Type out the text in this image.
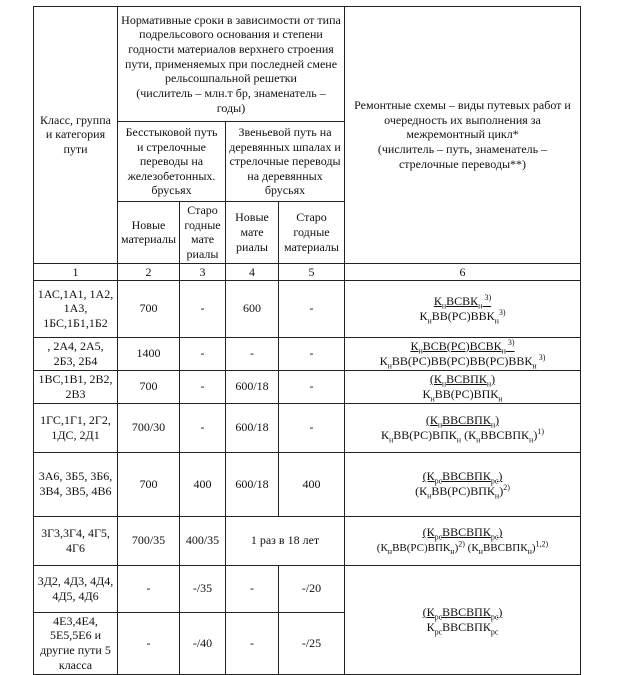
Класс, группа и категория пути	Нормативные сроки в зависимости от типа подрельсового основания и степени годности материалов верхнего строения пути, применяемых при последней смене рельсошпальной решетки
(числитель – млн.т бр, знаменатель – годы)				Ремонтные схемы – виды путевых работ и очередность их выполнения за межремонтный цикл*
(числитель – путь, знаменатель – стрелочные переводы**)

	Бесстыковой путь и стрелочные переводы на железобетонных. брусьях		Звеньевой путь на деревянных шпалах и стрелочные переводы на деревянных брусьях		
	Новые материалы	Старо годные мате риалы	Новые мате риалы	Старо годные материалы	
1	2	3	4	5	6
1АС,1А1, 1А2, 1А3, 1БС,1Б1,1Б2	700	-	600	-	$К_нВСВК_н$ $^{3)}$
$К_нВВ(РС)ВВК_н^{3)}$
, 2А4, 2А5, 2Б3, 2Б4	1400	-	-	-	$К_нВСВ(РС)ВСВК_н$ $^{3)}$
$К_нВВ(РС)ВВ(РС)ВВ(РС)ВВК_н$ $^{3)}$
1ВС,1В1, 2В2, 2В3	700	-	600/18	-	$(К_нВСВПК_н)$
$К_нВВ(РС)ВПК_н$
1ГС,1Г1, 2Г2, 1ДС, 2Д1	700/30	-	600/18	-	$(К_нВВСВПК_н)$
$К_нВВ(РС)ВПК_н$ $(К_нВВСВПК_н)^{1)}$
3А6, 3Б5, 3Б6, 3В4, 3В5, 4В6	700	400	600/18	400	$(К_{рс}ВВСВПК_{рс})$
$(К_нВВ(РС)ВПК_н)^{2)}$
3Г3,3Г4, 4Г5, 4Г6	700/35	400/35	1 раз в 18 лет		$(К_{рс}ВВСВПК_{рс})$
$(К_нВВ(РС)ВПК_н)^{2)}$ $(К_нВВСВПК_н)^{1,2)}$
3Д2, 4Д3, 4Д4, 4Д5, 4Д6	-	-/35	-	-/20	$(К_{рс}ВВСВПК_{рс})$
$К_{рс}ВВСВПК_{рс}$
4Е3,4Е4, 5Е5,5Е6 и другие пути 5 класса	-	-/40	-	-/25	
